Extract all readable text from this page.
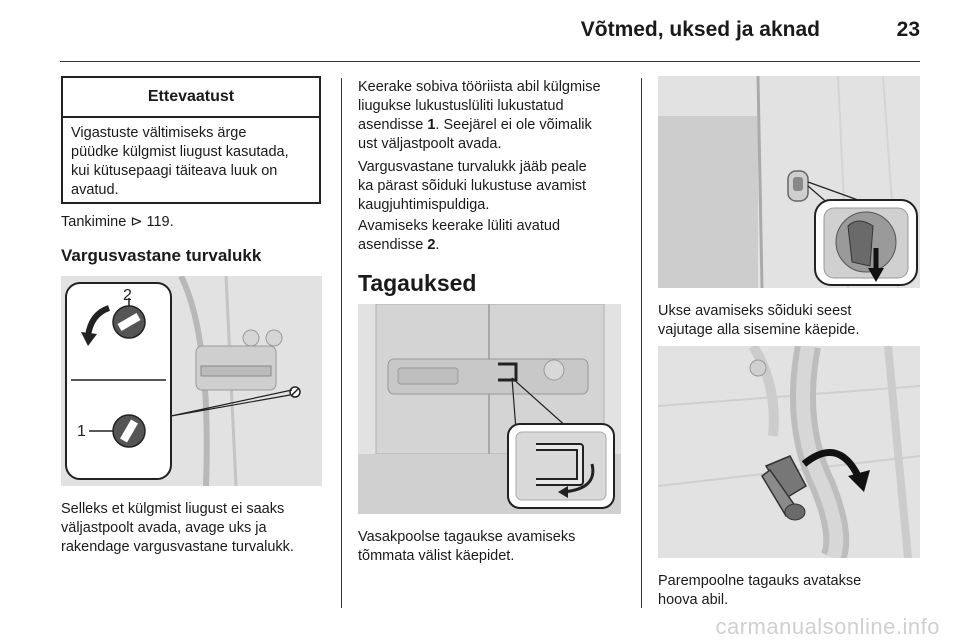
Võtmed, uksed ja aknad	23
Ettevaatust
Vigastuste vältimiseks ärge
püüdke külgmist liugust kasutada,
kui kütusepaagi täiteava luuk on
avatud.
Tankimine ⊳ 119.
Vargusvastane turvalukk
2
1
Selleks et külgmist liugust ei saaks
väljastpoolt avada, avage uks ja
rakendage vargusvastane turvalukk.
Keerake sobiva tööriista abil külgmise
liugukse lukustuslüliti lukustatud
asendisse 1. Seejärel ei ole võimalik
ust väljastpoolt avada.
Vargusvastane turvalukk jääb peale
ka pärast sõiduki lukustuse avamist
kaugjuhtimispuldiga.
Avamiseks keerake lüliti avatud
asendisse 2.
Tagauksed
Vasakpoolse tagaukse avamiseks
tõmmata välist käepidet.
Ukse avamiseks sõiduki seest
vajutage alla sisemine käepide.
Parempoolne tagauks avatakse
hoova abil.
carmanualsonline.info
